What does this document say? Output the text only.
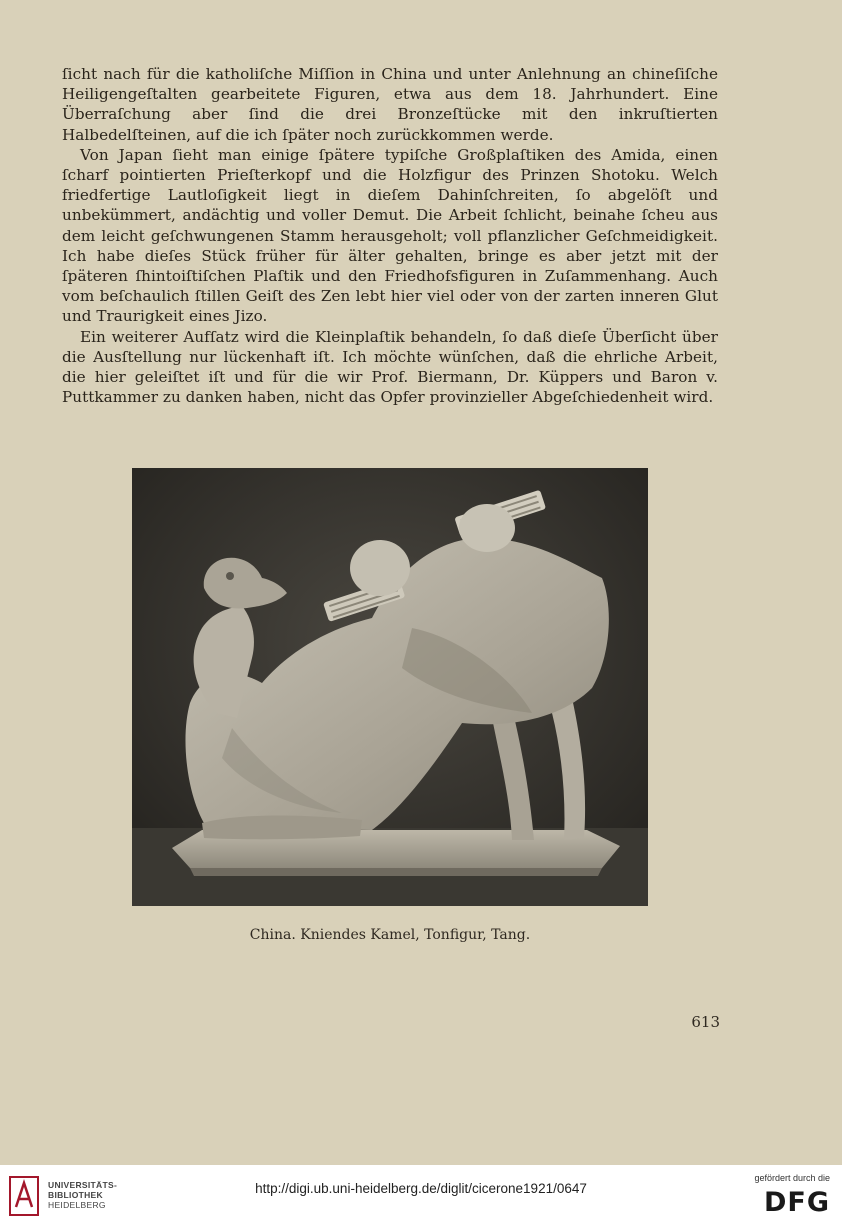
ſicht nach für die katholiſche Miſſion in China und unter Anlehnung an chineſiſche Heiligengeſtalten gearbeitete Figuren, etwa aus dem 18. Jahrhundert. Eine Überraſchung aber ſind die drei Bronzeſtücke mit den inkruſtierten Halbedelſteinen, auf die ich ſpäter noch zurückkommen werde.

Von Japan ſieht man einige ſpätere typiſche Großplaſtiken des Amida, einen ſcharf pointierten Prieſterkopf und die Holzfigur des Prinzen Shotoku. Welch friedfertige Lautloſigkeit liegt in dieſem Dahinſchreiten, ſo abgelöſt und unbekümmert, andächtig und voller Demut. Die Arbeit ſchlicht, beinahe ſcheu aus dem leicht geſchwungenen Stamm herausgeholt; voll pflanzlicher Geſchmeidigkeit. Ich habe dieſes Stück früher für älter gehalten, bringe es aber jetzt mit der ſpäteren ſhintoiſtiſchen Plaſtik und den Friedhofsfiguren in Zuſammenhang. Auch vom beſchaulich ſtillen Geiſt des Zen lebt hier viel oder von der zarten inneren Glut und Traurigkeit eines Jizo.

Ein weiterer Aufſatz wird die Kleinplaſtik behandeln, ſo daß dieſe Überſicht über die Ausſtellung nur lückenhaft iſt. Ich möchte wünſchen, daß die ehrliche Arbeit, die hier geleiſtet iſt und für die wir Prof. Biermann, Dr. Küppers und Baron v. Puttkammer zu danken haben, nicht das Opfer provinzieller Abgeſchiedenheit wird.

China. Kniendes Kamel, Tonfigur, Tang.
613
UNIVERSITÄTS-
BIBLIOTHEK
HEIDELBERG
http://digi.ub.uni-heidelberg.de/diglit/cicerone1921/0647
gefördert durch die
DFG
